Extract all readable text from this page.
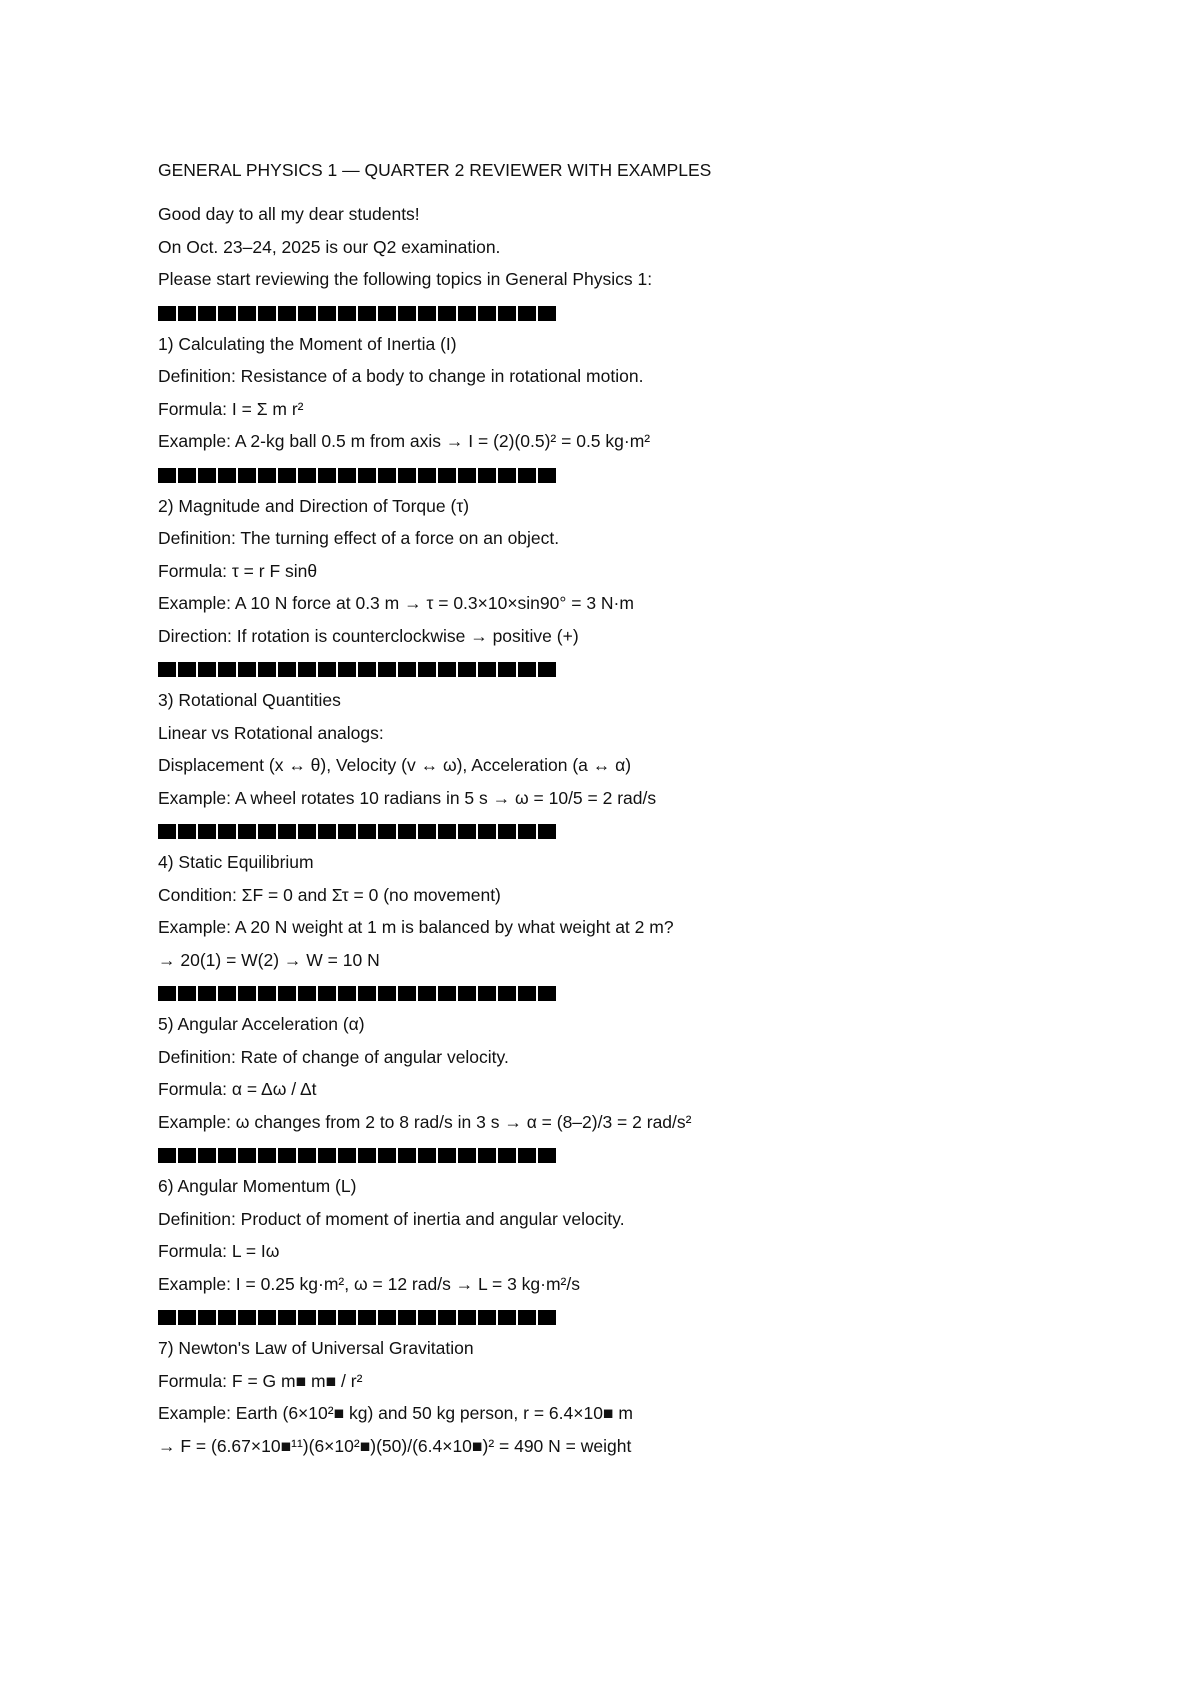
GENERAL PHYSICS 1 — QUARTER 2 REVIEWER WITH EXAMPLES
Good day to all my dear students!
On Oct. 23–24, 2025 is our Q2 examination.
Please start reviewing the following topics in General Physics 1:
1) Calculating the Moment of Inertia (I)
Definition: Resistance of a body to change in rotational motion.
Formula: I = Σ m r²
Example: A 2-kg ball 0.5 m from axis → I = (2)(0.5)² = 0.5 kg·m²
2) Magnitude and Direction of Torque (τ)
Definition: The turning effect of a force on an object.
Formula: τ = r F sinθ
Example: A 10 N force at 0.3 m → τ = 0.3×10×sin90° = 3 N·m
Direction: If rotation is counterclockwise → positive (+)
3) Rotational Quantities
Linear vs Rotational analogs:
Displacement (x ↔ θ), Velocity (v ↔ ω), Acceleration (a ↔ α)
Example: A wheel rotates 10 radians in 5 s → ω = 10/5 = 2 rad/s
4) Static Equilibrium
Condition: ΣF = 0 and Στ = 0 (no movement)
Example: A 20 N weight at 1 m is balanced by what weight at 2 m?
→ 20(1) = W(2) → W = 10 N
5) Angular Acceleration (α)
Definition: Rate of change of angular velocity.
Formula: α = Δω / Δt
Example: ω changes from 2 to 8 rad/s in 3 s → α = (8–2)/3 = 2 rad/s²
6) Angular Momentum (L)
Definition: Product of moment of inertia and angular velocity.
Formula: L = Iω
Example: I = 0.25 kg·m², ω = 12 rad/s → L = 3 kg·m²/s
7) Newton's Law of Universal Gravitation
Formula: F = G m■ m■ / r²
Example: Earth (6×10²■ kg) and 50 kg person, r = 6.4×10■ m
→ F = (6.67×10■¹¹)(6×10²■)(50)/(6.4×10■)² = 490 N = weight
